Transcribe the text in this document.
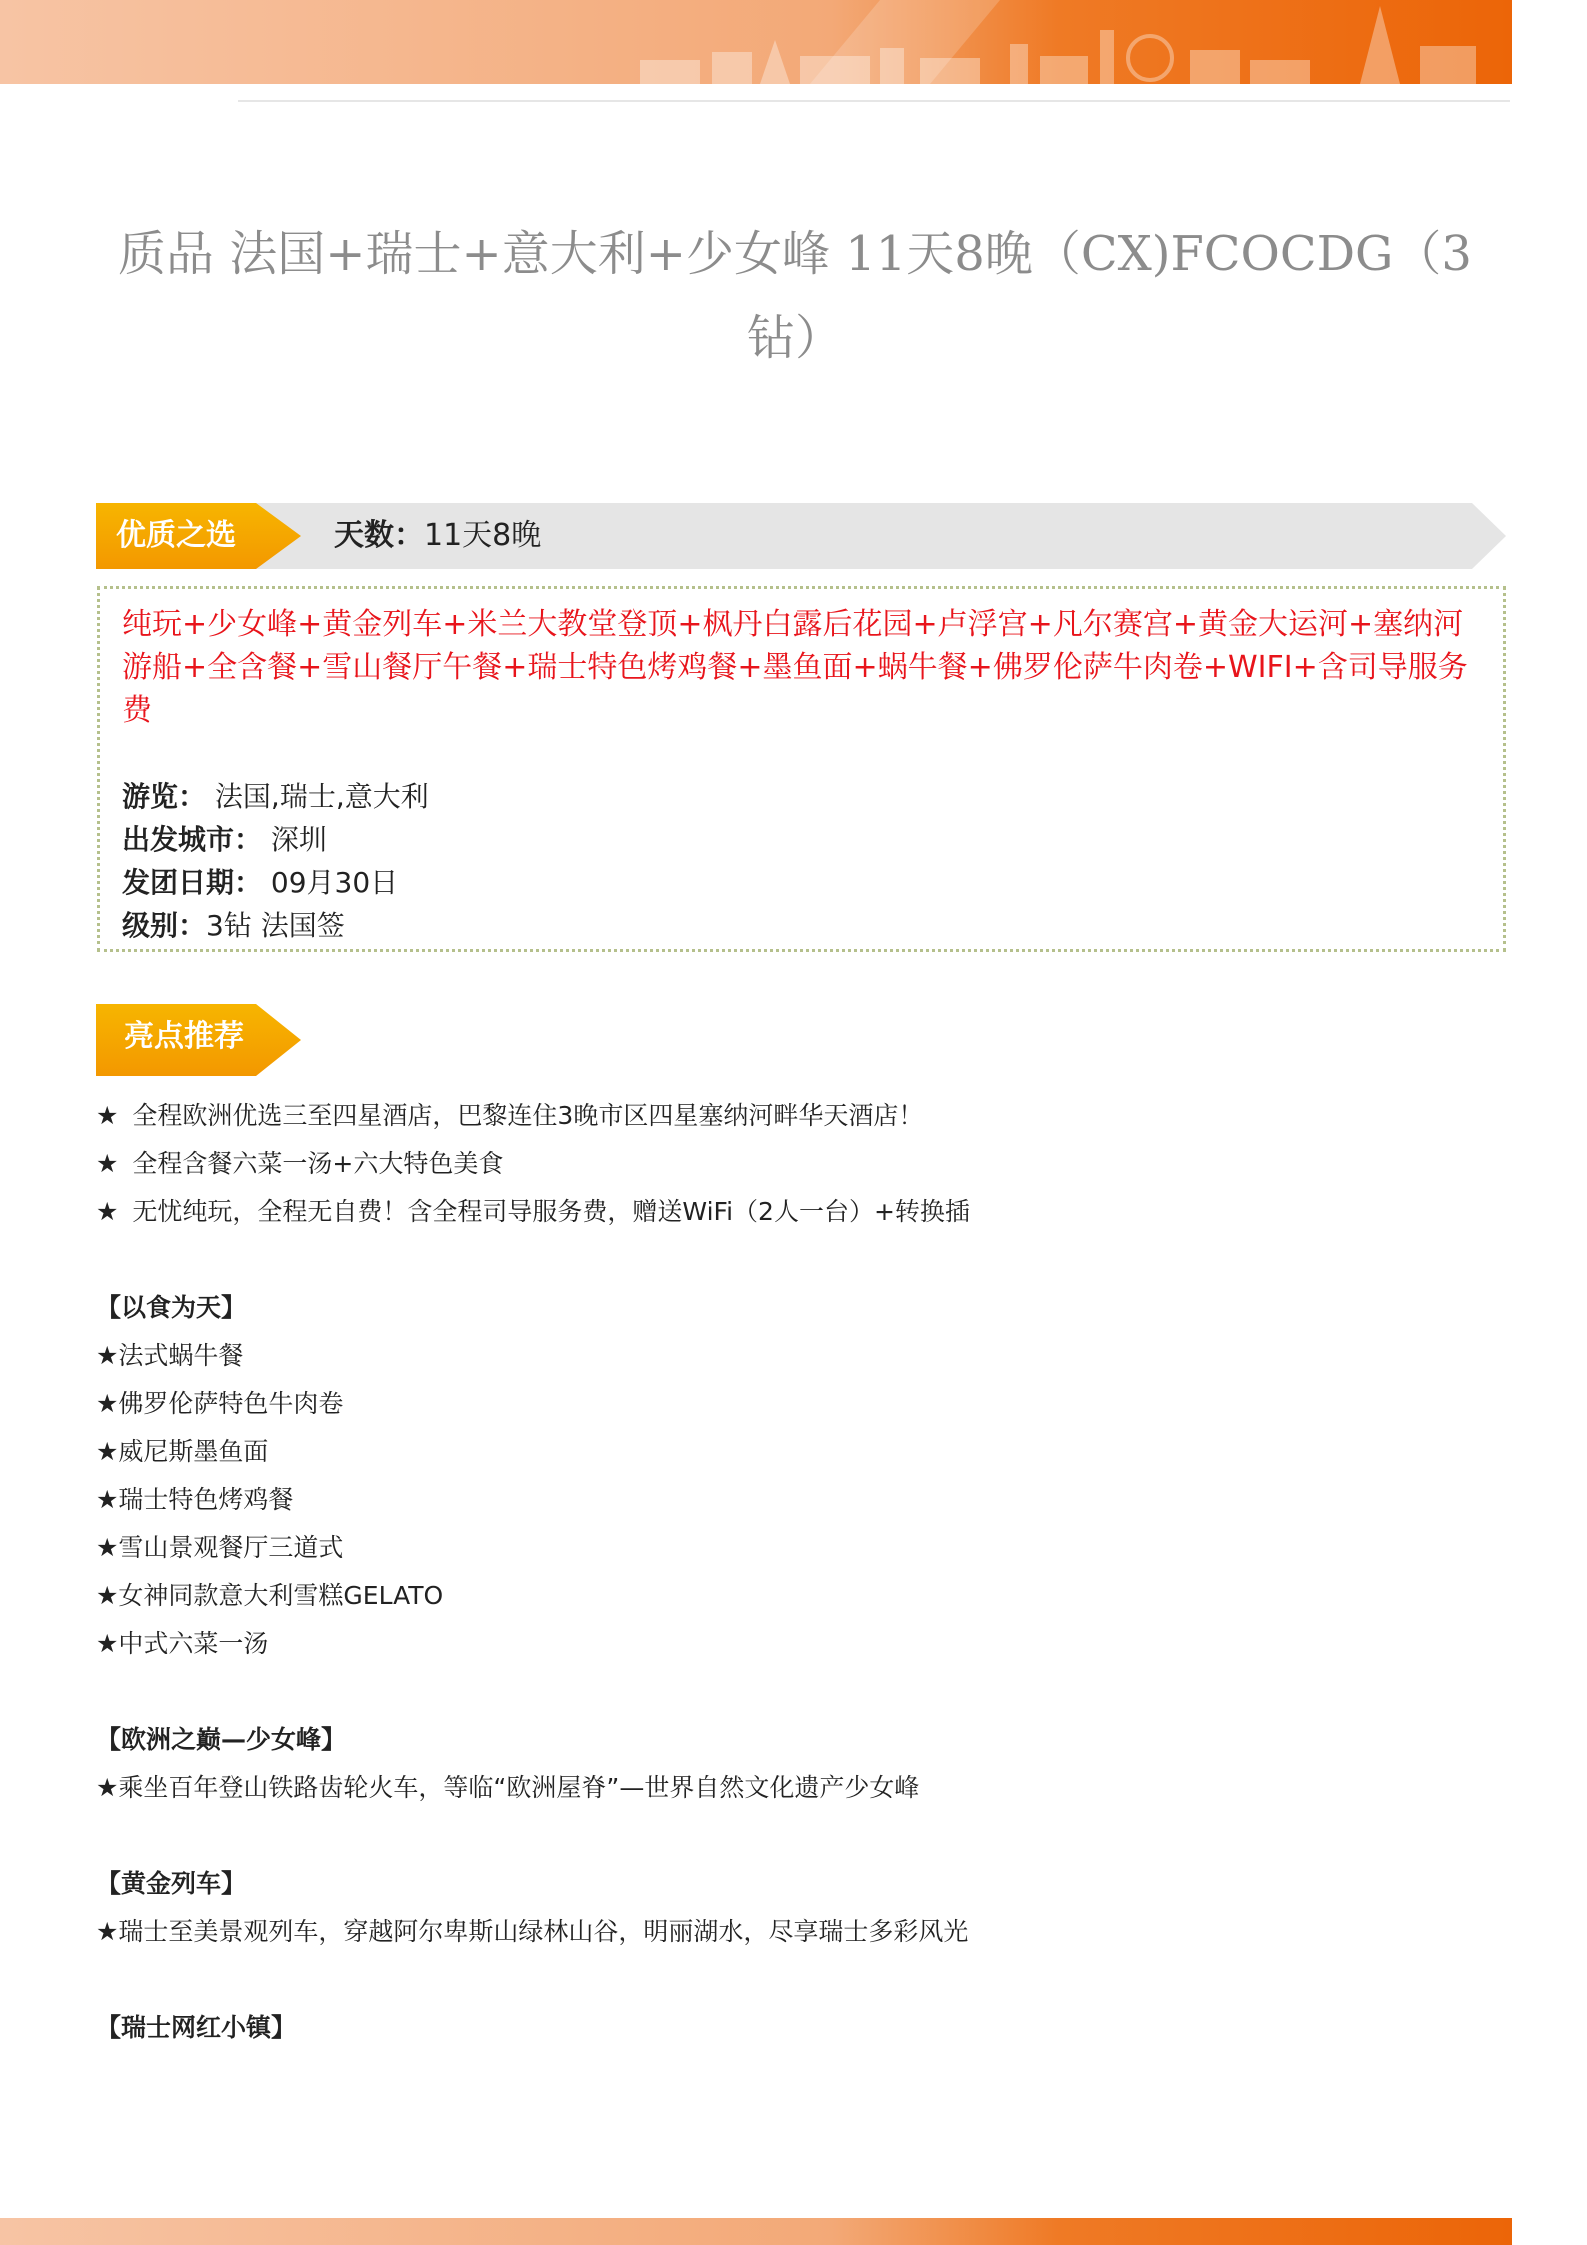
质品 法国+瑞士+意大利+少女峰 11天8晚（CX)FCOCDG（3钻）
优质之选	天数：11天8晚
纯玩+少女峰+黄金列车+米兰大教堂登顶+枫丹白露后花园+卢浮宫+凡尔赛宫+黄金大运河+塞纳河游船+全含餐+雪山餐厅午餐+瑞士特色烤鸡餐+墨鱼面+蜗牛餐+佛罗伦萨牛肉卷+WIFI+含司导服务费
游览： 法国,瑞士,意大利
出发城市： 深圳
发团日期： 09月30日
级别：3钻 法国签
亮点推荐
★ 全程欧洲优选三至四星酒店，巴黎连住3晚市区四星塞纳河畔华天酒店！
★ 全程含餐六菜一汤+六大特色美食
★ 无忧纯玩，全程无自费！含全程司导服务费，赠送WiFi（2人一台）+转换插
【以食为天】
★法式蜗牛餐
★佛罗伦萨特色牛肉卷
★威尼斯墨鱼面
★瑞士特色烤鸡餐
★雪山景观餐厅三道式
★女神同款意大利雪糕GELATO
★中式六菜一汤
【欧洲之巅—少女峰】
★乘坐百年登山铁路齿轮火车，等临“欧洲屋脊”—世界自然文化遗产少女峰
【黄金列车】
★瑞士至美景观列车，穿越阿尔卑斯山绿林山谷，明丽湖水，尽享瑞士多彩风光
【瑞士网红小镇】
